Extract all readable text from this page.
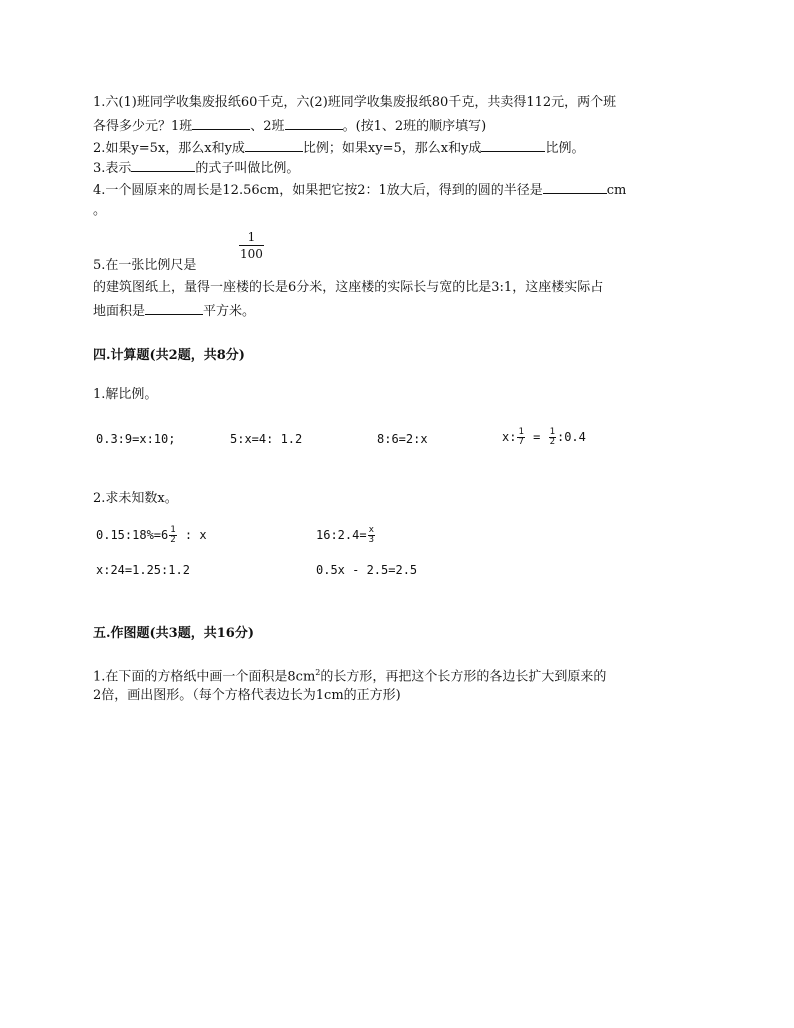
1.六(1)班同学收集废报纸60千克，六(2)班同学收集废报纸80千克，共卖得112元，两个班
各得多少元？1班	、2班	。(按1、2班的顺序填写)
2.如果y=5x，那么x和y成	比例；如果xy=5，那么x和y成	比例。
3.表示	的式子叫做比例。
4.一个圆原来的周长是12.56cm，如果把它按2：1放大后，得到的圆的半径是	cm
。
$\frac{1}{100}$
5.在一张比例尺是
的建筑图纸上，量得一座楼的长是6分米，这座楼的实际长与宽的比是3:1，这座楼实际占
地面积是	平方米。
四.计算题(共2题，共8分)
1.解比例。
0.3:9=x:10;	5:x=4: 1.2	8:6=2:x	x: $\frac{1}{7} = \frac{1}{2}$ :0.4
2.求未知数x。
0.15:18%=6 $\frac{1}{2}$ : x	16:2.4= $\frac{x}{3}$
x:24=1.25:1.2	0.5x - 2.5=2.5
五.作图题(共3题，共16分)
1.在下面的方格纸中画一个面积是$8cm^2$的长方形，再把这个长方形的各边长扩大到原来的
2倍，画出图形。（每个方格代表边长为1cm的正方形)
